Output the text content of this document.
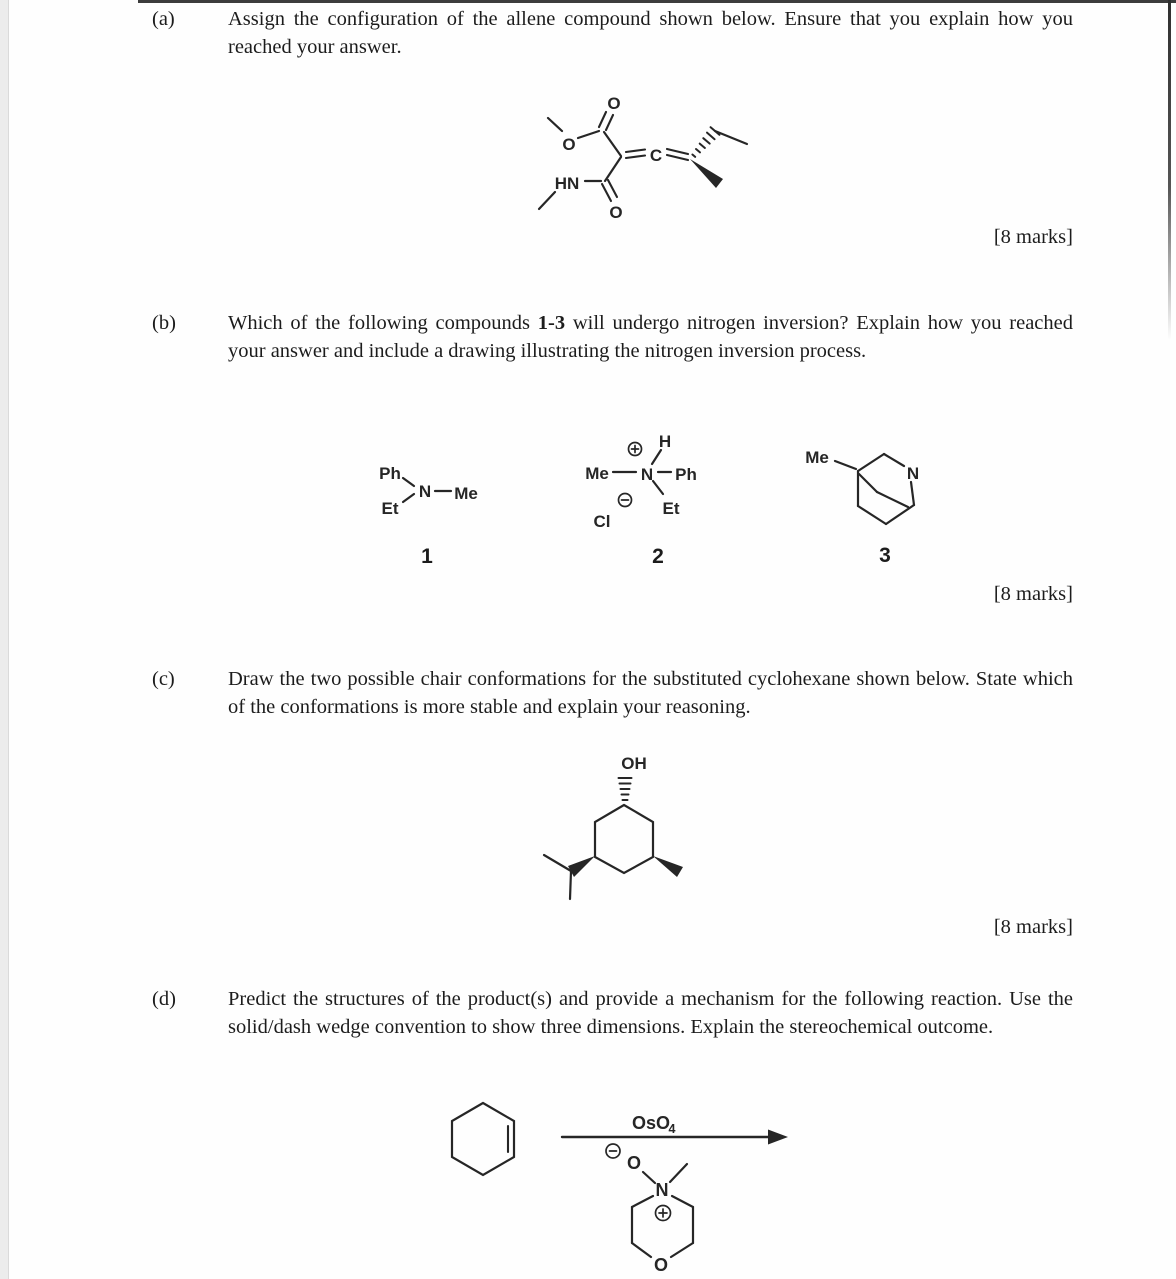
(a)	Assign the configuration of the allene compound shown below. Ensure that you explain how you reached your answer.
O
O
C
O
HN
[8 marks]
(b)	Which of the following compounds 1-3 will undergo nitrogen inversion? Explain how you reached your answer and include a drawing illustrating the nitrogen inversion process.
Ph
Et
N Me
1
H
Me N Ph
Et
Cl
2
Me
N
3
[8 marks]
(c)	Draw the two possible chair conformations for the substituted cyclohexane shown below. State which of the conformations is more stable and explain your reasoning.
OH
[8 marks]
(d)	Predict the structures of the product(s) and provide a mechanism for the following reaction. Use the solid/dash wedge convention to show three dimensions. Explain the stereochemical outcome.
OsO
4
O
N
O
